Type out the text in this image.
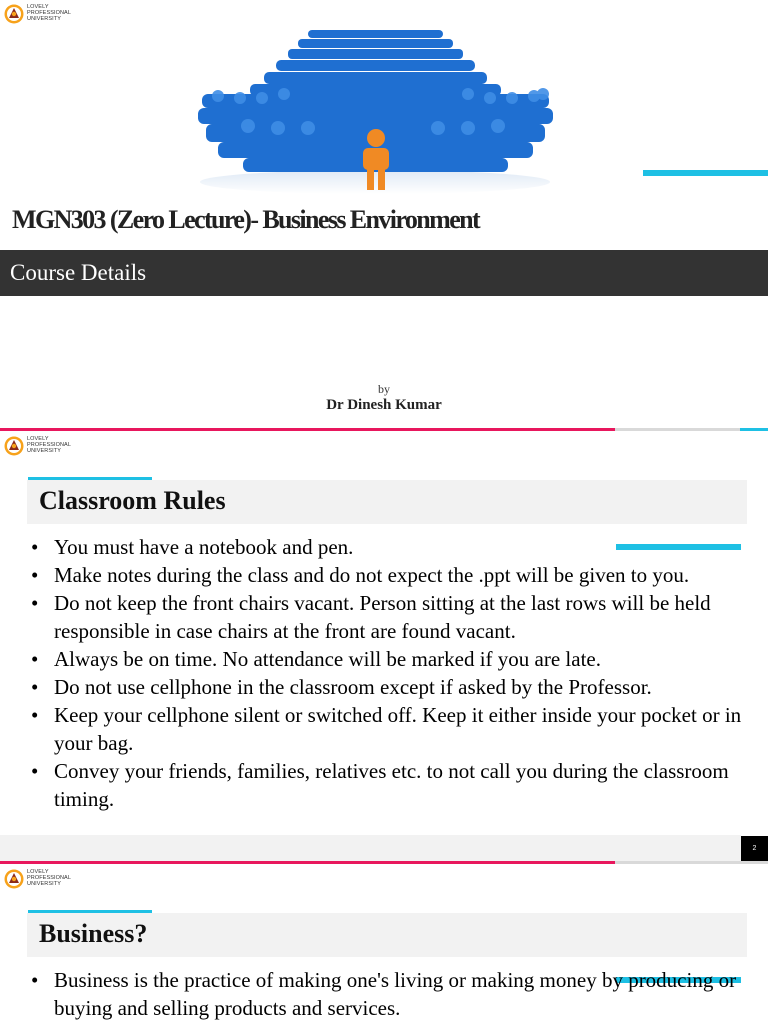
LOVELY
PROFESSIONAL
UNIVERSITY
MGN303 (Zero Lecture)- Business Environment
Course Details
by
Dr Dinesh Kumar
LOVELY
PROFESSIONAL
UNIVERSITY
Classroom Rules
• You must have a notebook and pen.
• Make notes during the class and do not expect the .ppt will be given to you.
• Do not keep the front chairs vacant. Person sitting at the last rows will be held responsible in case chairs at the front are found vacant.
• Always be on time. No attendance will be marked if you are late.
• Do not use cellphone in the classroom except if asked by the Professor.
• Keep your cellphone silent or switched off. Keep it either inside your pocket or in your bag.
• Convey your friends, families, relatives etc. to not call you during the classroom timing.
2
LOVELY
PROFESSIONAL
UNIVERSITY
Business?
• Business is the practice of making one's living or making money by producing or buying and selling products and services.
